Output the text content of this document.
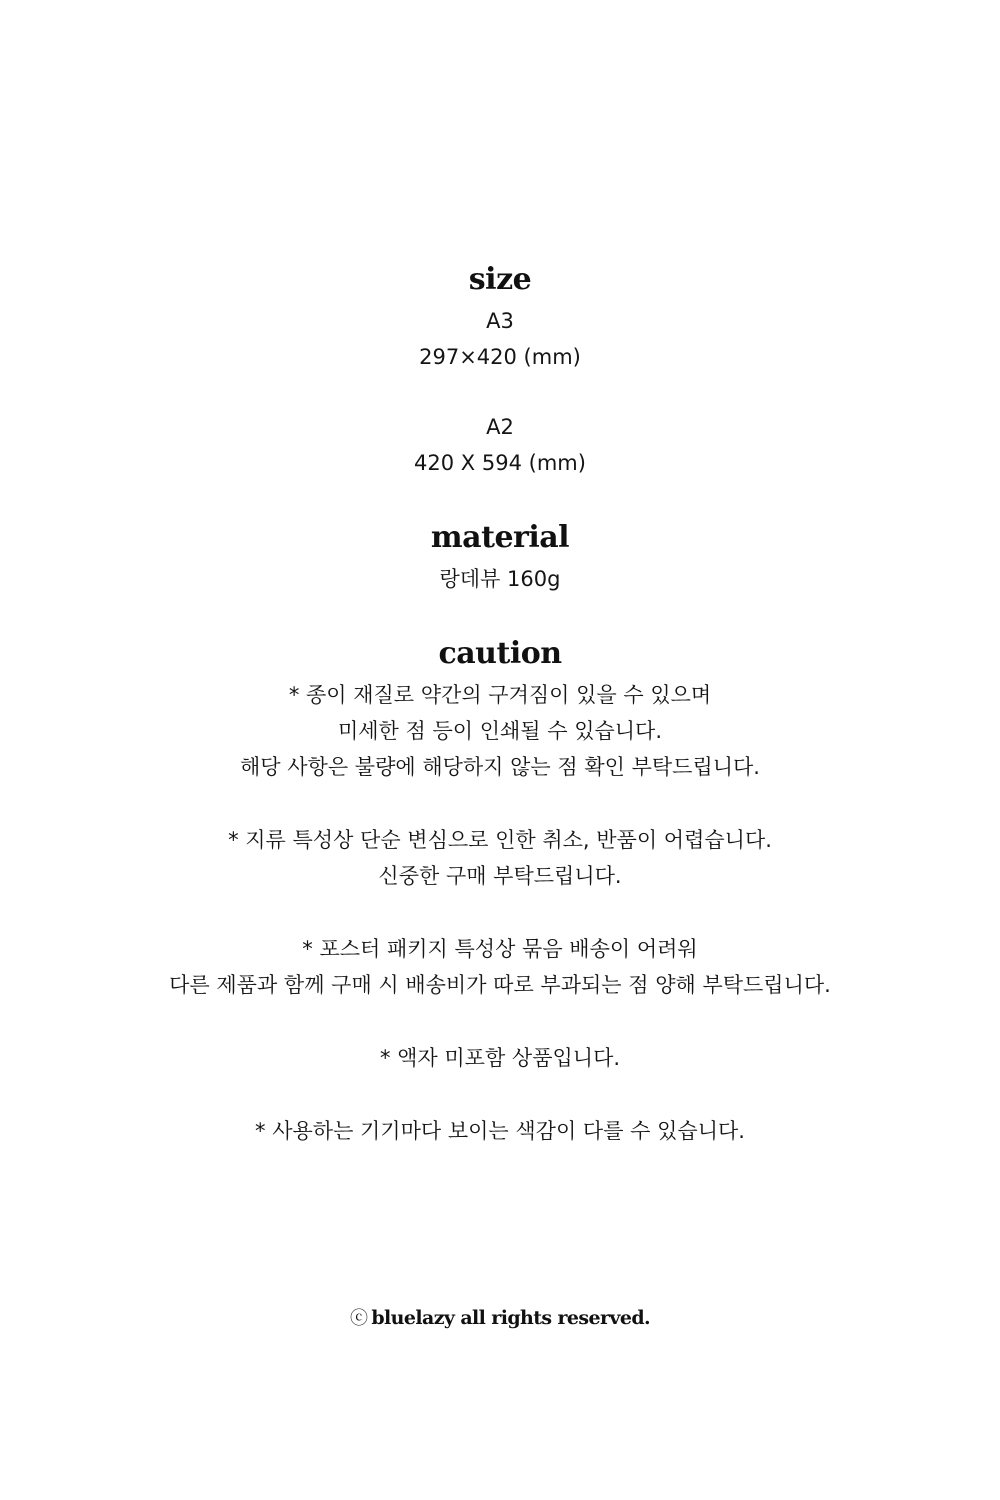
size
A3
297×420 (mm)
A2
420 X 594 (mm)
material
랑데뷰 160g
caution
* 종이 재질로 약간의 구겨짐이 있을 수 있으며
미세한 점 등이 인쇄될 수 있습니다.
해당 사항은 불량에 해당하지 않는 점 확인 부탁드립니다.
* 지류 특성상 단순 변심으로 인한 취소, 반품이 어렵습니다.
신중한 구매 부탁드립니다.
* 포스터 패키지 특성상 묶음 배송이 어려워
다른 제품과 함께 구매 시 배송비가 따로 부과되는 점 양해 부탁드립니다.
* 액자 미포함 상품입니다.
* 사용하는 기기마다 보이는 색감이 다를 수 있습니다.
ⓒ bluelazy all rights reserved.
